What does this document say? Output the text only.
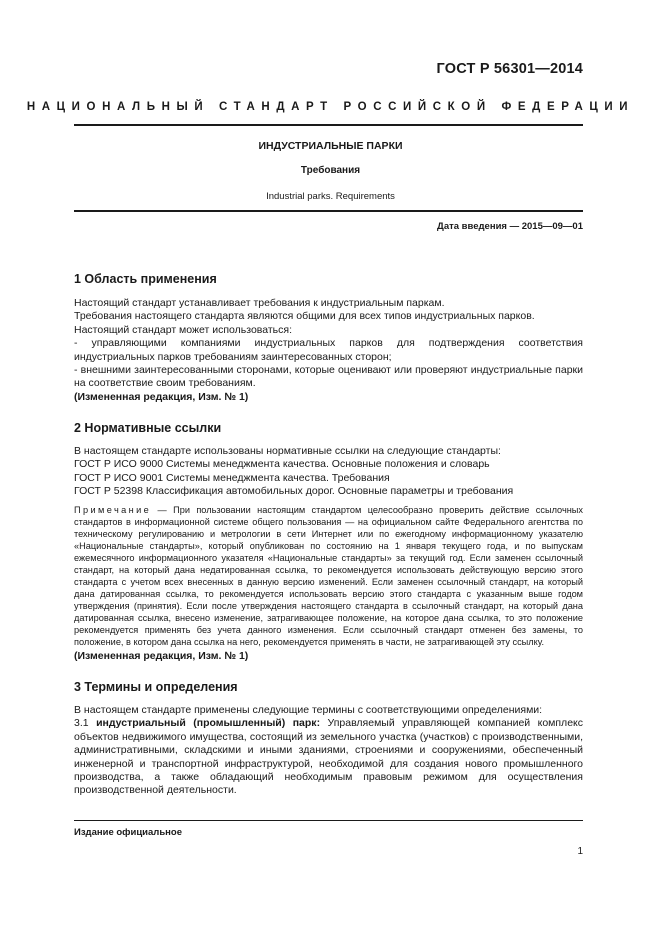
ГОСТ Р 56301—2014
НАЦИОНАЛЬНЫЙ СТАНДАРТ РОССИЙСКОЙ ФЕДЕРАЦИИ
ИНДУСТРИАЛЬНЫЕ ПАРКИ
Требования
Industrial parks. Requirements
Дата введения — 2015—09—01
1 Область применения

Настоящий стандарт устанавливает требования к индустриальным паркам.

Требования настоящего стандарта являются общими для всех типов индустриальных парков.

Настоящий стандарт может использоваться:

- управляющими компаниями индустриальных парков для подтверждения соответствия индустриальных парков требованиям заинтересованных сторон;

- внешними заинтересованными сторонами, которые оценивают или проверяют индустриальные парки на соответствие своим требованиям.

(Измененная редакция, Изм. № 1)

2 Нормативные ссылки

В настоящем стандарте использованы нормативные ссылки на следующие стандарты:

ГОСТ Р ИСО 9000 Системы менеджмента качества. Основные положения и словарь

ГОСТ Р ИСО 9001 Системы менеджмента качества. Требования

ГОСТ Р 52398 Классификация автомобильных дорог. Основные параметры и требования

Примечание — При пользовании настоящим стандартом целесообразно проверить действие ссылочных стандартов в информационной системе общего пользования — на официальном сайте Федерального агентства по техническому регулированию и метрологии в сети Интернет или по ежегодному информационному указателю «Национальные стандарты», который опубликован по состоянию на 1 января текущего года, и по выпускам ежемесячного информационного указателя «Национальные стандарты» за текущий год. Если заменен ссылочный стандарт, на который дана недатированная ссылка, то рекомендуется использовать действующую версию этого стандарта с учетом всех внесенных в данную версию изменений. Если заменен ссылочный стандарт, на который дана датированная ссылка, то рекомендуется использовать версию этого стандарта с указанным выше годом утверждения (принятия). Если после утверждения настоящего стандарта в ссылочный стандарт, на который дана датированная ссылка, внесено изменение, затрагивающее положение, на которое дана ссылка, то это положение рекомендуется применять без учета данного изменения. Если ссылочный стандарт отменен без замены, то положение, в котором дана ссылка на него, рекомендуется применять в части, не затрагивающей эту ссылку.

(Измененная редакция, Изм. № 1)

3 Термины и определения

В настоящем стандарте применены следующие термины с соответствующими определениями:

3.1 индустриальный (промышленный) парк: Управляемый управляющей компанией комплекс объектов недвижимого имущества, состоящий из земельного участка (участков) с производственными, административными, складскими и иными зданиями, строениями и сооружениями, обеспеченный инженерной и транспортной инфраструктурой, необходимой для создания нового промышленного производства, а также обладающий необходимым правовым режимом для осуществления производственной деятельности.

Издание официальное
1
